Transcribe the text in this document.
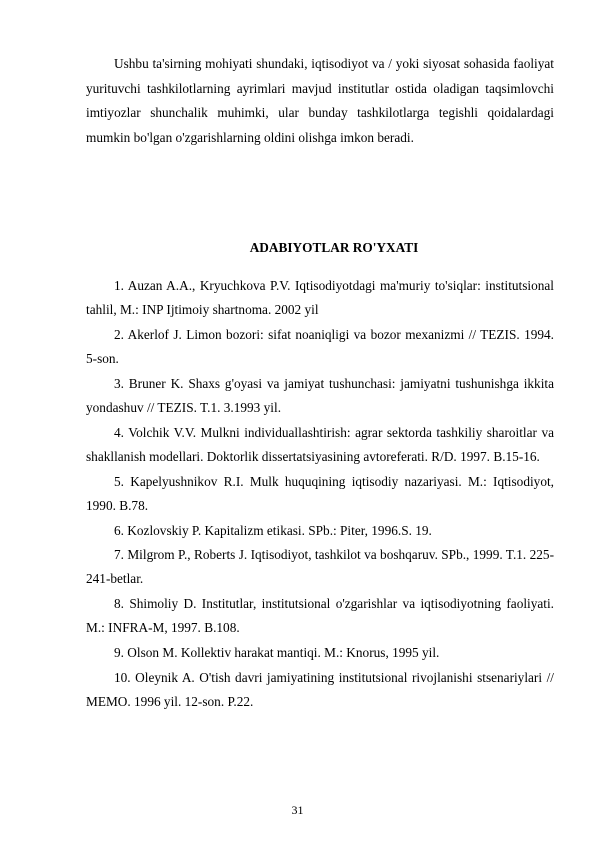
Ushbu ta'sirning mohiyati shundaki, iqtisodiyot va / yoki siyosat sohasida faoliyat yurituvchi tashkilotlarning ayrimlari mavjud institutlar ostida oladigan taqsimlovchi imtiyozlar shunchalik muhimki, ular bunday tashkilotlarga tegishli qoidalardagi mumkin bo'lgan o'zgarishlarning oldini olishga imkon beradi.

ADABIYOTLAR RO'YXATI
1. Auzan A.A., Kryuchkova P.V. Iqtisodiyotdagi ma'muriy to'siqlar: institutsional tahlil, M.: INP Ijtimoiy shartnoma. 2002 yil
2. Akerlof J. Limon bozori: sifat noaniqligi va bozor mexanizmi // TEZIS. 1994. 5-son.
3. Bruner K. Shaxs g'oyasi va jamiyat tushunchasi: jamiyatni tushunishga ikkita yondashuv // TEZIS. T.1. 3.1993 yil.
4. Volchik V.V. Mulkni individuallashtirish: agrar sektorda tashkiliy sharoitlar va shakllanish modellari. Doktorlik dissertatsiyasining avtoreferati. R/D. 1997. B.15-16.
5. Kapelyushnikov R.I. Mulk huquqining iqtisodiy nazariyasi. M.: Iqtisodiyot, 1990. B.78.
6. Kozlovskiy P. Kapitalizm etikasi. SPb.: Piter, 1996.S. 19.
7. Milgrom P., Roberts J. Iqtisodiyot, tashkilot va boshqaruv. SPb., 1999. T.1. 225-241-betlar.
8. Shimoliy D. Institutlar, institutsional o'zgarishlar va iqtisodiyotning faoliyati. M.: INFRA-M, 1997. B.108.
9. Olson M. Kollektiv harakat mantiqi. M.: Knorus, 1995 yil.
10. Oleynik A. O'tish davri jamiyatining institutsional rivojlanishi stsenariylari // MEMO. 1996 yil. 12-son. P.22.
31
